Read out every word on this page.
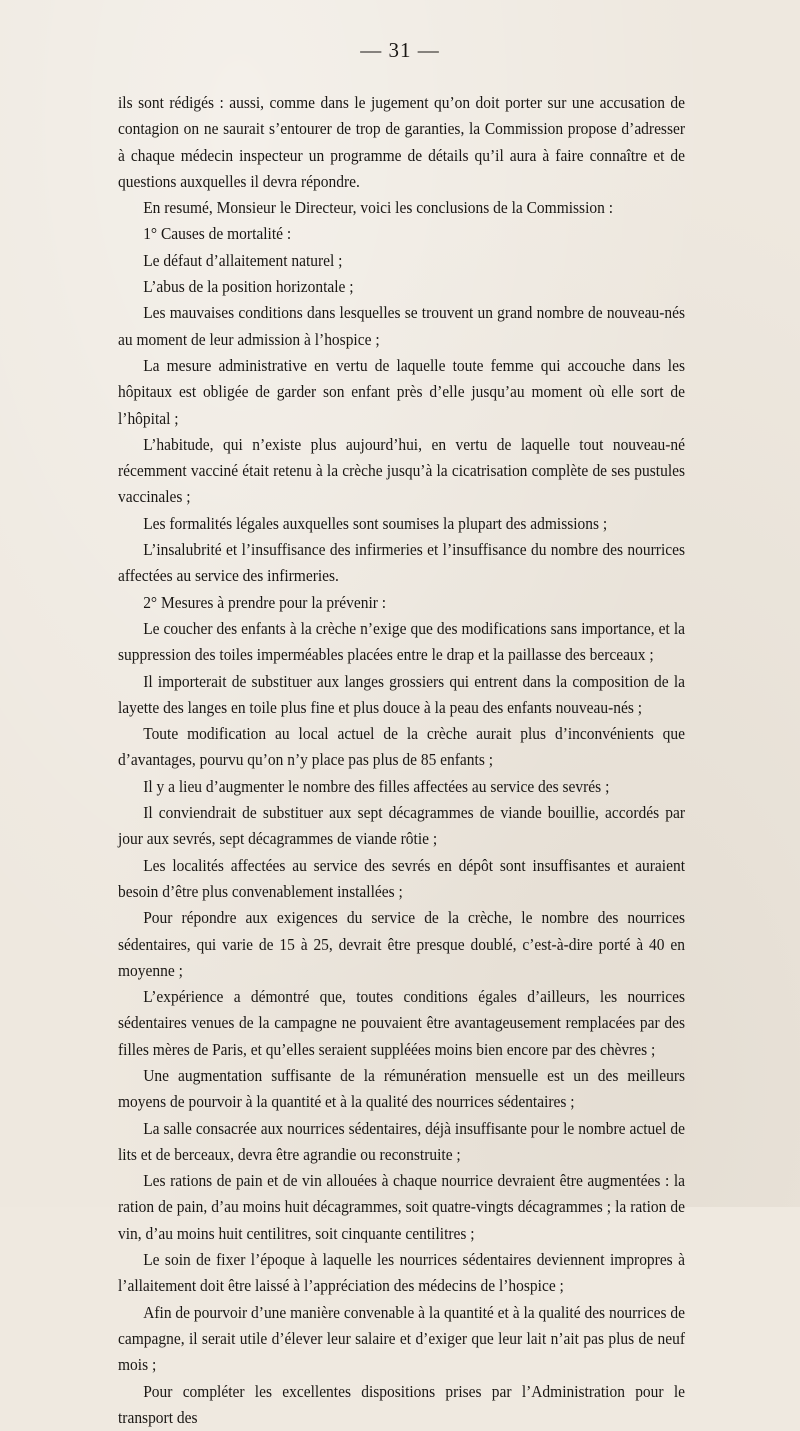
— 31 —

ils sont rédigés : aussi, comme dans le jugement qu’on doit porter sur une accusation de contagion on ne saurait s’entourer de trop de garanties, la Commission propose d’adresser à chaque médecin inspecteur un programme de détails qu’il aura à faire connaître et de questions auxquelles il devra répondre.

En resumé, Monsieur le Directeur, voici les conclusions de la Commission :

1° Causes de mortalité :

Le défaut d’allaitement naturel ;

L’abus de la position horizontale ;

Les mauvaises conditions dans lesquelles se trouvent un grand nombre de nouveau-nés au moment de leur admission à l’hospice ;

La mesure administrative en vertu de laquelle toute femme qui accouche dans les hôpitaux est obligée de garder son enfant près d’elle jusqu’au moment où elle sort de l’hôpital ;

L’habitude, qui n’existe plus aujourd’hui, en vertu de laquelle tout nouveau-né récemment vacciné était retenu à la crèche jusqu’à la cicatrisation complète de ses pustules vaccinales ;

Les formalités légales auxquelles sont soumises la plupart des admissions ;

L’insalubrité et l’insuffisance des infirmeries et l’insuffisance du nombre des nourrices affectées au service des infirmeries.

2° Mesures à prendre pour la prévenir :

Le coucher des enfants à la crèche n’exige que des modifications sans importance, et la suppression des toiles imperméables placées entre le drap et la paillasse des berceaux ;

Il importerait de substituer aux langes grossiers qui entrent dans la composition de la layette des langes en toile plus fine et plus douce à la peau des enfants nouveau-nés ;

Toute modification au local actuel de la crèche aurait plus d’inconvénients que d’avantages, pourvu qu’on n’y place pas plus de 85 enfants ;

Il y a lieu d’augmenter le nombre des filles affectées au service des sevrés ;

Il conviendrait de substituer aux sept décagrammes de viande bouillie, accordés par jour aux sevrés, sept décagrammes de viande rôtie ;

Les localités affectées au service des sevrés en dépôt sont insuffisantes et auraient besoin d’être plus convenablement installées ;

Pour répondre aux exigences du service de la crèche, le nombre des nourrices sédentaires, qui varie de 15 à 25, devrait être presque doublé, c’est-à-dire porté à 40 en moyenne ;

L’expérience a démontré que, toutes conditions égales d’ailleurs, les nourrices sédentaires venues de la campagne ne pouvaient être avantageusement remplacées par des filles mères de Paris, et qu’elles seraient suppléées moins bien encore par des chèvres ;

Une augmentation suffisante de la rémunération mensuelle est un des meilleurs moyens de pourvoir à la quantité et à la qualité des nourrices sédentaires ;

La salle consacrée aux nourrices sédentaires, déjà insuffisante pour le nombre actuel de lits et de berceaux, devra être agrandie ou reconstruite ;

Les rations de pain et de vin allouées à chaque nourrice devraient être augmentées : la ration de pain, d’au moins huit décagrammes, soit quatre-vingts décagrammes ; la ration de vin, d’au moins huit centilitres, soit cinquante centilitres ;

Le soin de fixer l’époque à laquelle les nourrices sédentaires deviennent impropres à l’allaitement doit être laissé à l’appréciation des médecins de l’hospice ;

Afin de pourvoir d’une manière convenable à la quantité et à la qualité des nourrices de campagne, il serait utile d’élever leur salaire et d’exiger que leur lait n’ait pas plus de neuf mois ;

Pour compléter les excellentes dispositions prises par l’Administration pour le transport des
